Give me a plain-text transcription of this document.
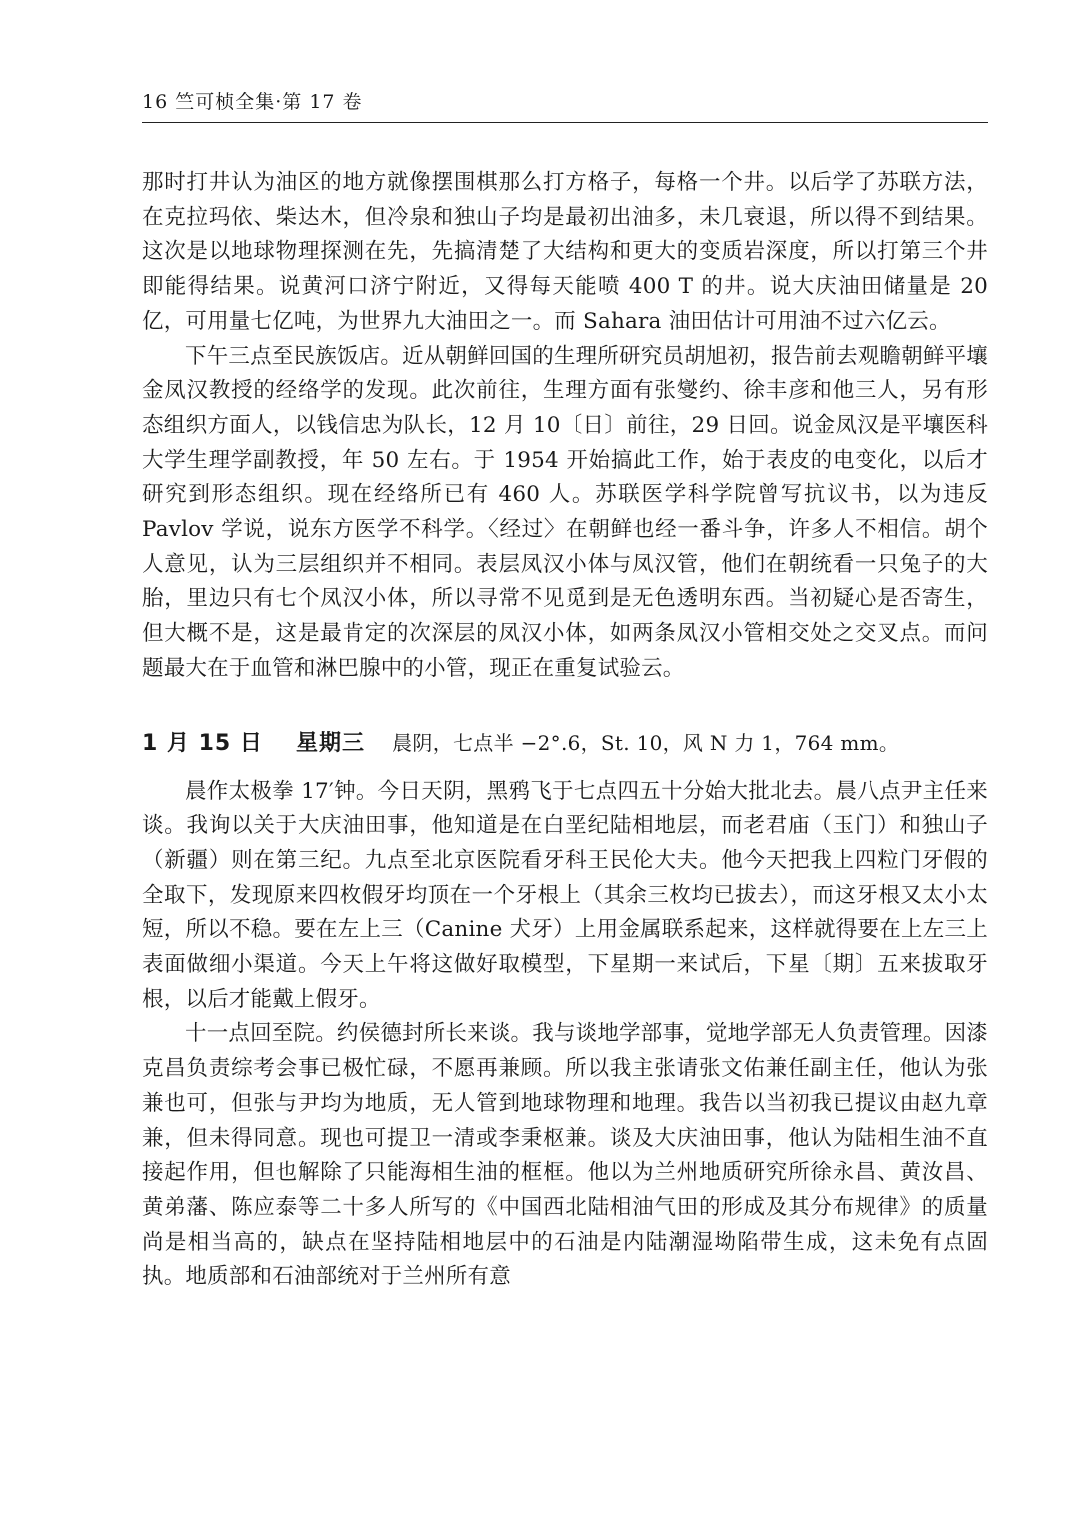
16 竺可桢全集·第 17 卷

那时打井认为油区的地方就像摆围棋那么打方格子，每格一个井。以后学了苏联方法，在克拉玛依、柴达木，但冷泉和独山子均是最初出油多，未几衰退，所以得不到结果。这次是以地球物理探测在先，先搞清楚了大结构和更大的变质岩深度，所以打第三个井即能得结果。说黄河口济宁附近，又得每天能喷 400 T 的井。说大庆油田储量是 20 亿，可用量七亿吨，为世界九大油田之一。而 Sahara 油田估计可用油不过六亿云。

下午三点至民族饭店。近从朝鲜回国的生理所研究员胡旭初，报告前去观瞻朝鲜平壤金凤汉教授的经络学的发现。此次前往，生理方面有张燮约、徐丰彦和他三人，另有形态组织方面人，以钱信忠为队长，12 月 10〔日〕前往，29 日回。说金凤汉是平壤医科大学生理学副教授，年 50 左右。于 1954 开始搞此工作，始于表皮的电变化，以后才研究到形态组织。现在经络所已有 460 人。苏联医学科学院曾写抗议书，以为违反 Pavlov 学说，说东方医学不科学。〈经过〉在朝鲜也经一番斗争，许多人不相信。胡个人意见，认为三层组织并不相同。表层凤汉小体与凤汉管，他们在朝统看一只兔子的大胎，里边只有七个凤汉小体，所以寻常不见觅到是无色透明东西。当初疑心是否寄生，但大概不是，这是最肯定的次深层的凤汉小体，如两条凤汉小管相交处之交叉点。而问题最大在于血管和淋巴腺中的小管，现正在重复试验云。

1 月 15 日 星期三 晨阴，七点半 −2°.6，St. 10，风 N 力 1，764 mm。

晨作太极拳 17′钟。今日天阴，黑鸦飞于七点四五十分始大批北去。晨八点尹主任来谈。我询以关于大庆油田事，他知道是在白垩纪陆相地层，而老君庙（玉门）和独山子（新疆）则在第三纪。九点至北京医院看牙科王民伦大夫。他今天把我上四粒门牙假的全取下，发现原来四枚假牙均顶在一个牙根上（其余三枚均已拔去），而这牙根又太小太短，所以不稳。要在左上三（Canine 犬牙）上用金属联系起来，这样就得要在上左三上表面做细小渠道。今天上午将这做好取模型，下星期一来试后，下星〔期〕五来拔取牙根，以后才能戴上假牙。

十一点回至院。约侯德封所长来谈。我与谈地学部事，觉地学部无人负责管理。因漆克昌负责综考会事已极忙碌，不愿再兼顾。所以我主张请张文佑兼任副主任，他认为张兼也可，但张与尹均为地质，无人管到地球物理和地理。我告以当初我已提议由赵九章兼，但未得同意。现也可提卫一清或李秉枢兼。谈及大庆油田事，他认为陆相生油不直接起作用，但也解除了只能海相生油的框框。他以为兰州地质研究所徐永昌、黄汝昌、黄弟藩、陈应泰等二十多人所写的《中国西北陆相油气田的形成及其分布规律》的质量尚是相当高的，缺点在坚持陆相地层中的石油是内陆潮湿坳陷带生成，这未免有点固执。地质部和石油部统对于兰州所有意
